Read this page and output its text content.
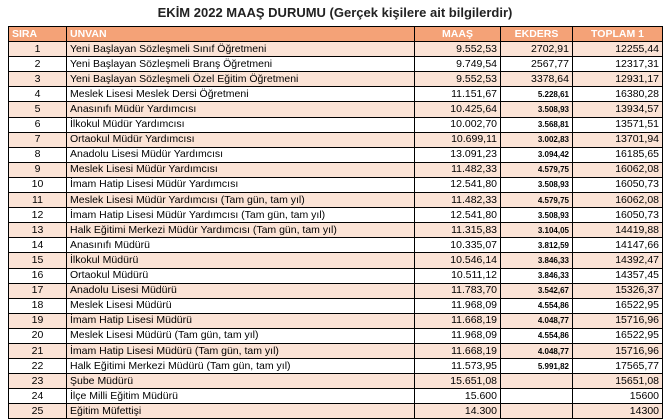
EKİM 2022 MAAŞ DURUMU (Gerçek kişilere ait bilgilerdir)
SIRA	UNVAN	MAAŞ	EKDERS	TOPLAM 1
1	Yeni Başlayan Sözleşmeli Sınıf Öğretmeni	9.552,53	2702,91	12255,44
2	Yeni Başlayan Sözleşmeli Branş Öğretmeni	9.749,54	2567,77	12317,31
3	Yeni Başlayan Sözleşmeli Özel Eğitim Öğretmeni	9.552,53	3378,64	12931,17
4	Meslek Lisesi Meslek Dersi Öğretmeni	11.151,67	5.228,61	16380,28
5	Anasınıfı Müdür Yardımcısı	10.425,64	3.508,93	13934,57
6	İlkokul Müdür Yardımcısı	10.002,70	3.568,81	13571,51
7	Ortaokul Müdür Yardımcısı	10.699,11	3.002,83	13701,94
8	Anadolu Lisesi Müdür Yardımcısı	13.091,23	3.094,42	16185,65
9	Meslek Lisesi Müdür Yardımcısı	11.482,33	4.579,75	16062,08
10	İmam Hatip Lisesi Müdür Yardımcısı	12.541,80	3.508,93	16050,73
11	Meslek Lisesi Müdür Yardımcısı (Tam gün, tam yıl)	11.482,33	4.579,75	16062,08
12	İmam Hatip Lisesi Müdür Yardımcısı (Tam gün, tam yıl)	12.541,80	3.508,93	16050,73
13	Halk Eğitimi Merkezi Müdür Yardımcısı (Tam gün, tam yıl)	11.315,83	3.104,05	14419,88
14	Anasınıfı Müdürü	10.335,07	3.812,59	14147,66
15	İlkokul Müdürü	10.546,14	3.846,33	14392,47
16	Ortaokul Müdürü	10.511,12	3.846,33	14357,45
17	Anadolu Lisesi Müdürü	11.783,70	3.542,67	15326,37
18	Meslek Lisesi Müdürü	11.968,09	4.554,86	16522,95
19	İmam Hatip Lisesi Müdürü	11.668,19	4.048,77	15716,96
20	Meslek Lisesi Müdürü (Tam gün, tam yıl)	11.968,09	4.554,86	16522,95
21	İmam Hatip Lisesi Müdürü (Tam gün, tam yıl)	11.668,19	4.048,77	15716,96
22	Halk Eğitimi Merkezi Müdürü (Tam gün, tam yıl)	11.573,95	5.991,82	17565,77
23	Şube Müdürü	15.651,08		15651,08
24	İlçe Milli Eğitim Müdürü	15.600		15600
25	Eğitim Müfettişi	14.300		14300
